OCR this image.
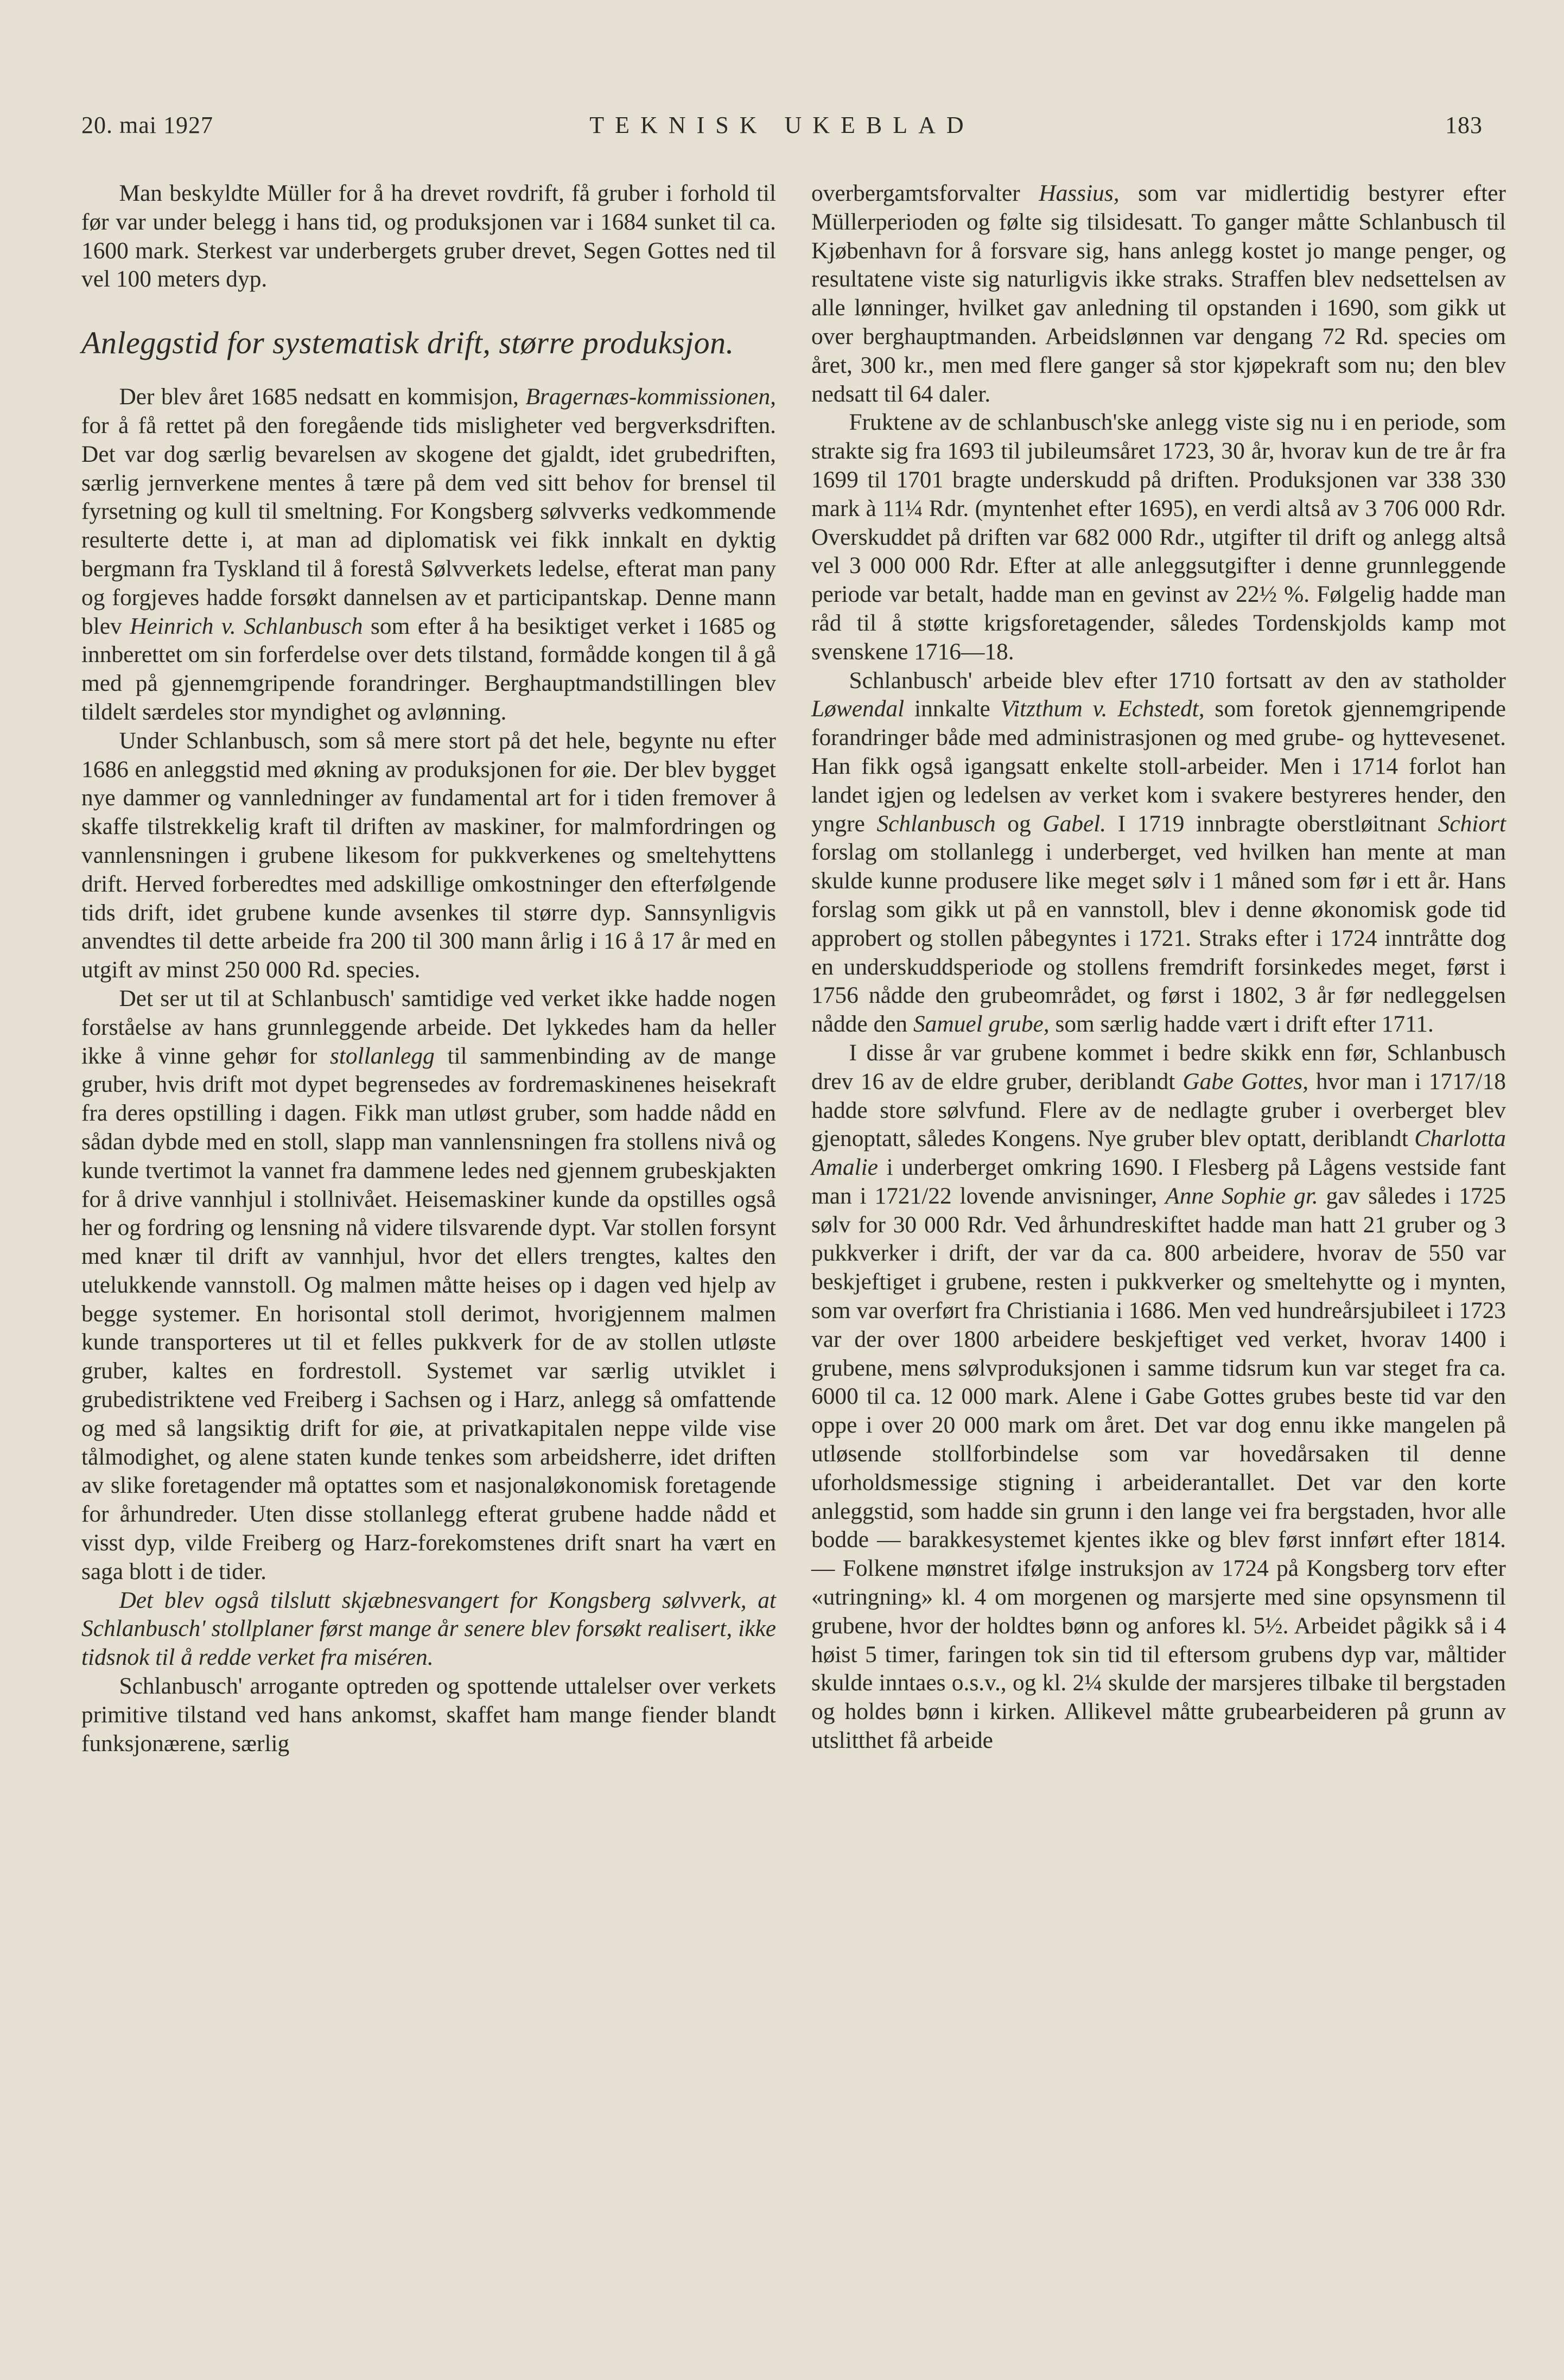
20. mai 1927	TEKNISK UKEBLAD	183

Man beskyldte Müller for å ha drevet rovdrift, få gruber i forhold til før var under belegg i hans tid, og produksjonen var i 1684 sunket til ca. 1600 mark. Sterkest var underbergets gruber drevet, Segen Gottes ned til vel 100 meters dyp.

Anleggstid for systematisk drift, større produksjon.

Der blev året 1685 nedsatt en kommisjon, Bragernæs-kommissionen, for å få rettet på den foregående tids misligheter ved bergverksdriften. Det var dog særlig bevarelsen av skogene det gjaldt, idet grubedriften, særlig jernverkene mentes å tære på dem ved sitt behov for brensel til fyrsetning og kull til smeltning. For Kongsberg sølvverks vedkommende resulterte dette i, at man ad diplomatisk vei fikk innkalt en dyktig bergmann fra Tyskland til å forestå Sølvverkets ledelse, efterat man pany og forgjeves hadde forsøkt dannelsen av et participantskap. Denne mann blev Heinrich v. Schlanbusch som efter å ha besiktiget verket i 1685 og innberettet om sin forferdelse over dets tilstand, formådde kongen til å gå med på gjennemgripende forandringer. Berghauptmandstillingen blev tildelt særdeles stor myndighet og avlønning.

Under Schlanbusch, som så mere stort på det hele, begynte nu efter 1686 en anleggstid med økning av produksjonen for øie. Der blev bygget nye dammer og vannledninger av fundamental art for i tiden fremover å skaffe tilstrekkelig kraft til driften av maskiner, for malmfordringen og vannlensningen i grubene likesom for pukkverkenes og smeltehyttens drift. Herved forberedtes med adskillige omkostninger den efterfølgende tids drift, idet grubene kunde avsenkes til større dyp. Sannsynligvis anvendtes til dette arbeide fra 200 til 300 mann årlig i 16 å 17 år med en utgift av minst 250 000 Rd. species.

Det ser ut til at Schlanbusch' samtidige ved verket ikke hadde nogen forståelse av hans grunnleggende arbeide. Det lykkedes ham da heller ikke å vinne gehør for stollanlegg til sammenbinding av de mange gruber, hvis drift mot dypet begrensedes av fordremaskinenes heisekraft fra deres opstilling i dagen. Fikk man utløst gruber, som hadde nådd en sådan dybde med en stoll, slapp man vannlensningen fra stollens nivå og kunde tvertimot la vannet fra dammene ledes ned gjennem grubeskjakten for å drive vannhjul i stollnivået. Heisemaskiner kunde da opstilles også her og fordring og lensning nå videre tilsvarende dypt. Var stollen forsynt med knær til drift av vannhjul, hvor det ellers trengtes, kaltes den utelukkende vannstoll. Og malmen måtte heises op i dagen ved hjelp av begge systemer. En horisontal stoll derimot, hvorigjennem malmen kunde transporteres ut til et felles pukkverk for de av stollen utløste gruber, kaltes en fordrestoll. Systemet var særlig utviklet i grubedistriktene ved Freiberg i Sachsen og i Harz, anlegg så omfattende og med så langsiktig drift for øie, at privatkapitalen neppe vilde vise tålmodighet, og alene staten kunde tenkes som arbeidsherre, idet driften av slike foretagender må optattes som et nasjonaløkonomisk foretagende for århundreder. Uten disse stollanlegg efterat grubene hadde nådd et visst dyp, vilde Freiberg og Harz-forekomstenes drift snart ha vært en saga blott i de tider.

Det blev også tilslutt skjæbnesvangert for Kongsberg sølvverk, at Schlanbusch' stollplaner først mange år senere blev forsøkt realisert, ikke tidsnok til å redde verket fra miséren.

Schlanbusch' arrogante optreden og spottende uttalelser over verkets primitive tilstand ved hans ankomst, skaffet ham mange fiender blandt funksjonærene, særlig

overbergamtsforvalter Hassius, som var midlertidig bestyrer efter Müllerperioden og følte sig tilsidesatt. To ganger måtte Schlanbusch til Kjøbenhavn for å forsvare sig, hans anlegg kostet jo mange penger, og resultatene viste sig naturligvis ikke straks. Straffen blev nedsettelsen av alle lønninger, hvilket gav anledning til opstanden i 1690, som gikk ut over berghauptmanden. Arbeidslønnen var dengang 72 Rd. species om året, 300 kr., men med flere ganger så stor kjøpekraft som nu; den blev nedsatt til 64 daler.

Fruktene av de schlanbusch'ske anlegg viste sig nu i en periode, som strakte sig fra 1693 til jubileumsåret 1723, 30 år, hvorav kun de tre år fra 1699 til 1701 bragte underskudd på driften. Produksjonen var 338 330 mark à 11¼ Rdr. (myntenhet efter 1695), en verdi altså av 3 706 000 Rdr. Overskuddet på driften var 682 000 Rdr., utgifter til drift og anlegg altså vel 3 000 000 Rdr. Efter at alle anleggsutgifter i denne grunnleggende periode var betalt, hadde man en gevinst av 22½ %. Følgelig hadde man råd til å støtte krigsforetagender, således Tordenskjolds kamp mot svenskene 1716—18.

Schlanbusch' arbeide blev efter 1710 fortsatt av den av statholder Løwendal innkalte Vitzthum v. Echstedt, som foretok gjennemgripende forandringer både med administrasjonen og med grube- og hyttevesenet. Han fikk også igangsatt enkelte stoll-arbeider. Men i 1714 forlot han landet igjen og ledelsen av verket kom i svakere bestyreres hender, den yngre Schlanbusch og Gabel. I 1719 innbragte oberstløitnant Schiort forslag om stollanlegg i underberget, ved hvilken han mente at man skulde kunne produsere like meget sølv i 1 måned som før i ett år. Hans forslag som gikk ut på en vannstoll, blev i denne økonomisk gode tid approbert og stollen påbegyntes i 1721. Straks efter i 1724 inntråtte dog en underskuddsperiode og stollens fremdrift forsinkedes meget, først i 1756 nådde den grubeområdet, og først i 1802, 3 år før nedleggelsen nådde den Samuel grube, som særlig hadde vært i drift efter 1711.

I disse år var grubene kommet i bedre skikk enn før, Schlanbusch drev 16 av de eldre gruber, deriblandt Gabe Gottes, hvor man i 1717/18 hadde store sølvfund. Flere av de nedlagte gruber i overberget blev gjenoptatt, således Kongens. Nye gruber blev optatt, deriblandt Charlotta Amalie i underberget omkring 1690. I Flesberg på Lågens vestside fant man i 1721/22 lovende anvisninger, Anne Sophie gr. gav således i 1725 sølv for 30 000 Rdr. Ved århundreskiftet hadde man hatt 21 gruber og 3 pukkverker i drift, der var da ca. 800 arbeidere, hvorav de 550 var beskjeftiget i grubene, resten i pukkverker og smeltehytte og i mynten, som var overført fra Christiania i 1686. Men ved hundreårsjubileet i 1723 var der over 1800 arbeidere beskjeftiget ved verket, hvorav 1400 i grubene, mens sølvproduksjonen i samme tidsrum kun var steget fra ca. 6000 til ca. 12 000 mark. Alene i Gabe Gottes grubes beste tid var den oppe i over 20 000 mark om året. Det var dog ennu ikke mangelen på utløsende stollforbindelse som var hovedårsaken til denne uforholdsmessige stigning i arbeiderantallet. Det var den korte anleggstid, som hadde sin grunn i den lange vei fra bergstaden, hvor alle bodde — barakkesystemet kjentes ikke og blev først innført efter 1814. — Folkene mønstret ifølge instruksjon av 1724 på Kongsberg torv efter «utringning» kl. 4 om morgenen og marsjerte med sine opsynsmenn til grubene, hvor der holdtes bønn og anfores kl. 5½. Arbeidet pågikk så i 4 høist 5 timer, faringen tok sin tid til eftersom grubens dyp var, måltider skulde inntaes o.s.v., og kl. 2¼ skulde der marsjeres tilbake til bergstaden og holdes bønn i kirken. Allikevel måtte grubearbeideren på grunn av utslitthet få arbeide
